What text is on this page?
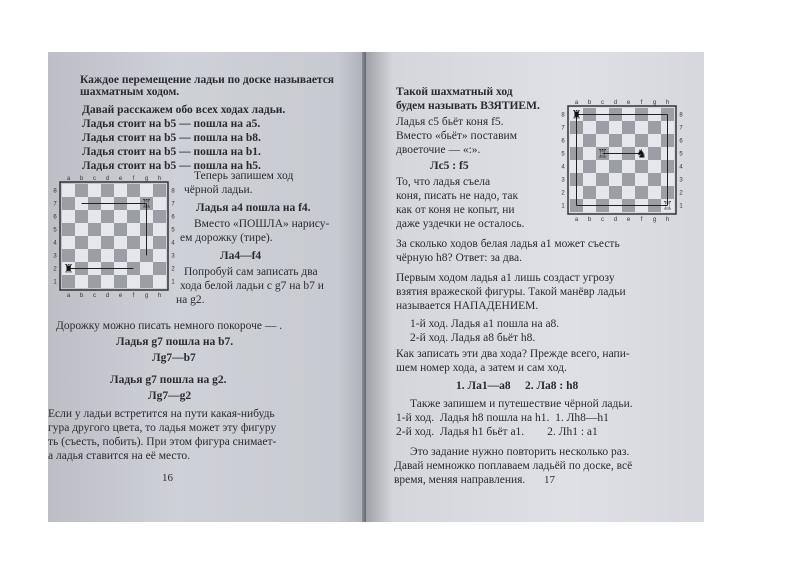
Каждое перемещение ладьи по доске называется
шахматным ходом.
Давай расскажем обо всех ходах ладьи.
Ладья стоит на b5 — пошла на a5.
Ладья стоит на b5 — пошла на b8.
Ладья стоит на b5 — пошла на b1.
Ладья стоит на b5 — пошла на h5.
a
a
b
b
c
c
d
d
e
e
f
f
g
g
h
h
8	8
7	7
6	6
5	5
4	4
3	3
2	2
1	1
♜
♖
Теперь запишем ход
чёрной ладьи.
Ладья a4 пошла на f4.
Вместо «ПОШЛА» нарису-
ем дорожку (тире).
Ла4—f4
Попробуй сам записать два
хода белой ладьи с g7 на b7 и
на g2.
Дорожку можно писать немного покороче — .
Ладья g7 пошла на b7.
Лg7—b7
Ладья g7 пошла на g2.
Лg7—g2
Если у ладьи встретится на пути какая-нибудь
гура другого цвета, то ладья может эту фигуру
ть (съесть, побить). При этом фигура снимает-
а ладья ставится на её место.
16
Такой шахматный ход
будем называть ВЗЯТИЕМ.
Ладья c5 бьёт коня f5.
Вместо «бьёт» поставим
двоеточие — «:».
Лс5 : f5
То, что ладья съела
коня, писать не надо, так
как от коня не копыт, ни
даже уздечки не осталось.
a
a
b
b
c
c
d
d
e
e
f
f
g
g
h
h
8	8
7	7
6	6
5	5
4	4
3	3
2	2
1	1
♜
♖
♖ ♞
За сколько ходов белая ладья a1 может съесть
чёрную h8? Ответ: за два.
Первым ходом ладья a1 лишь создаст угрозу
взятия вражеской фигуры. Такой манёвр ладьи
называется НАПАДЕНИЕМ.
1-й ход. Ладья а1 пошла на а8.
2-й ход. Ладья а8 бьёт h8.
Как записать эти два хода? Прежде всего, напи-
шем номер хода, а затем и сам ход.
1. Ла1—а8     2. Ла8 : h8
Также запишем и путешествие чёрной ладьи.
1-й ход.  Ладья h8 пошла на h1.  1. Лh8—h1
2-й ход.  Ладья h1 бьёт а1.        2. Лh1 : а1
Это задание нужно повторить несколько раз.
Давай немножко поплаваем ладьёй по доске, всё
время, меняя направления. 17
